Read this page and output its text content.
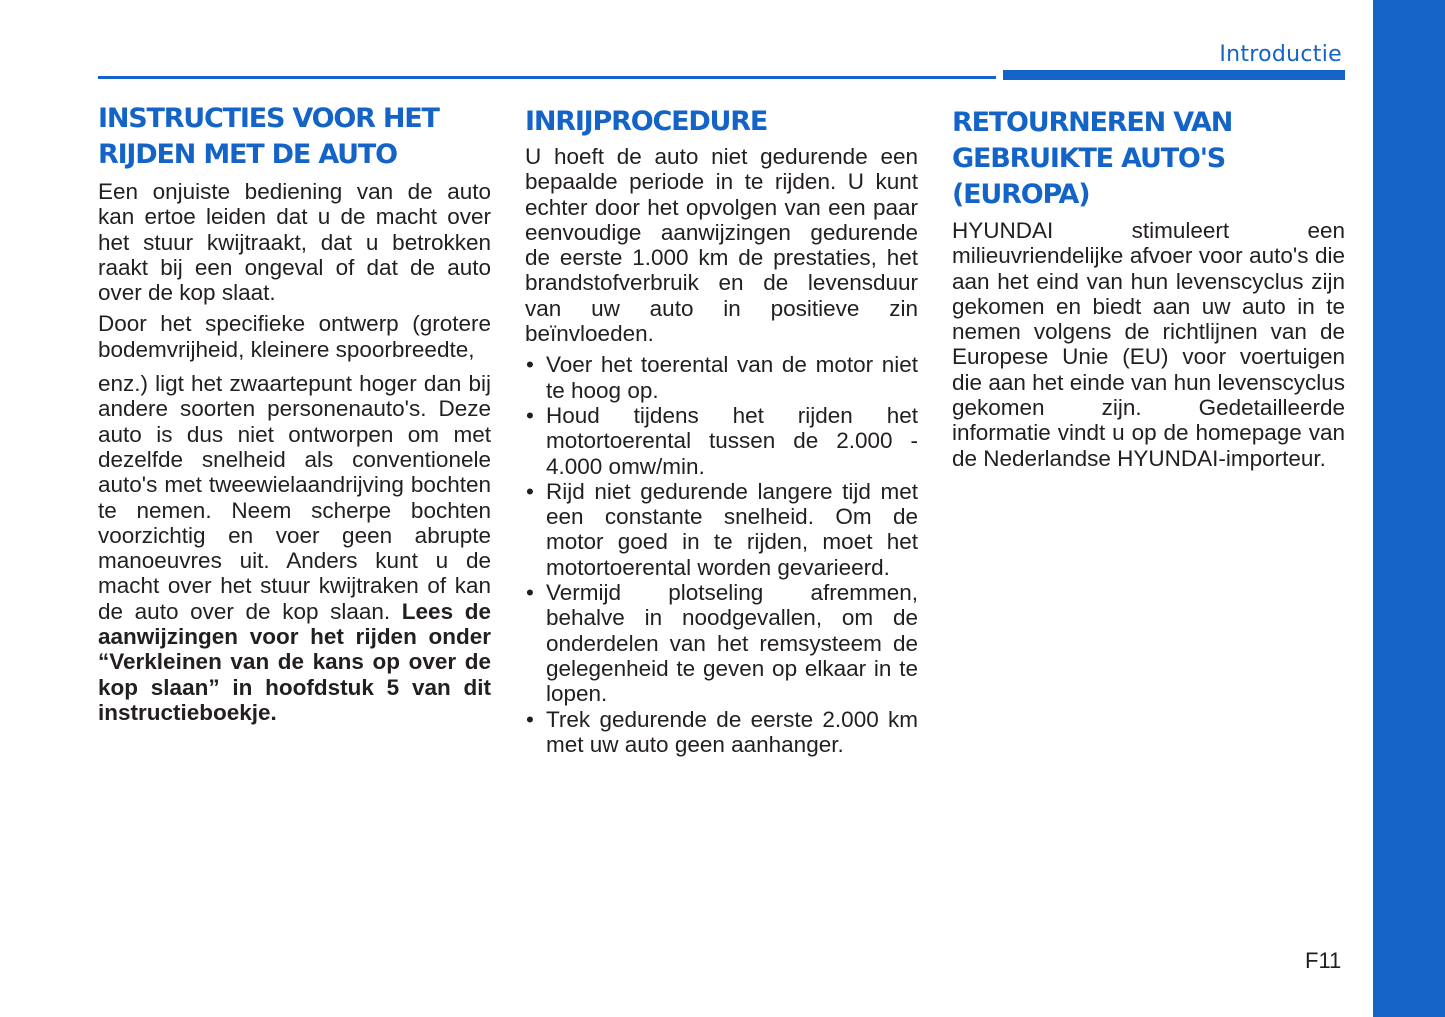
Introductie
INSTRUCTIES VOOR HET RIJDEN MET DE AUTO

Een onjuiste bediening van de auto kan ertoe leiden dat u de macht over het stuur kwijtraakt, dat u betrokken raakt bij een ongeval of dat de auto over de kop slaat.

Door het specifieke ontwerp (grotere bodemvrijheid, kleinere spoorbreedte,

enz.) ligt het zwaartepunt hoger dan bij andere soorten personenauto's. Deze auto is dus niet ontworpen om met dezelfde snelheid als conventionele auto's met tweewielaandrijving bochten te nemen. Neem scherpe bochten voorzichtig en voer geen abrupte manoeuvres uit. Anders kunt u de macht over het stuur kwijtraken of kan de auto over de kop slaan. Lees de aanwijzingen voor het rijden onder “Verkleinen van de kans op over de kop slaan” in hoofdstuk 5 van dit instructieboekje.

INRIJPROCEDURE

U hoeft de auto niet gedurende een bepaalde periode in te rijden. U kunt echter door het opvolgen van een paar eenvoudige aanwijzingen gedurende de eerste 1.000 km de prestaties, het brandstofverbruik en de levensduur van uw auto in positieve zin beïnvloeden.

• Voer het toerental van de motor niet te hoog op.
• Houd tijdens het rijden het motortoerental tussen de 2.000 - 4.000 omw/min.
• Rijd niet gedurende langere tijd met een constante snelheid. Om de motor goed in te rijden, moet het motortoerental worden gevarieerd.
• Vermijd plotseling afremmen, behalve in noodgevallen, om de onderdelen van het remsysteem de gelegenheid te geven op elkaar in te lopen.
• Trek gedurende de eerste 2.000 km met uw auto geen aanhanger.
RETOURNEREN VAN GEBRUIKTE AUTO'S (EUROPA)

HYUNDAI stimuleert een milieuvriendelijke afvoer voor auto's die aan het eind van hun levenscyclus zijn gekomen en biedt aan uw auto in te nemen volgens de richtlijnen van de Europese Unie (EU) voor voertuigen die aan het einde van hun levenscyclus gekomen zijn. Gedetailleerde informatie vindt u op de homepage van de Nederlandse HYUNDAI-importeur.

F11
